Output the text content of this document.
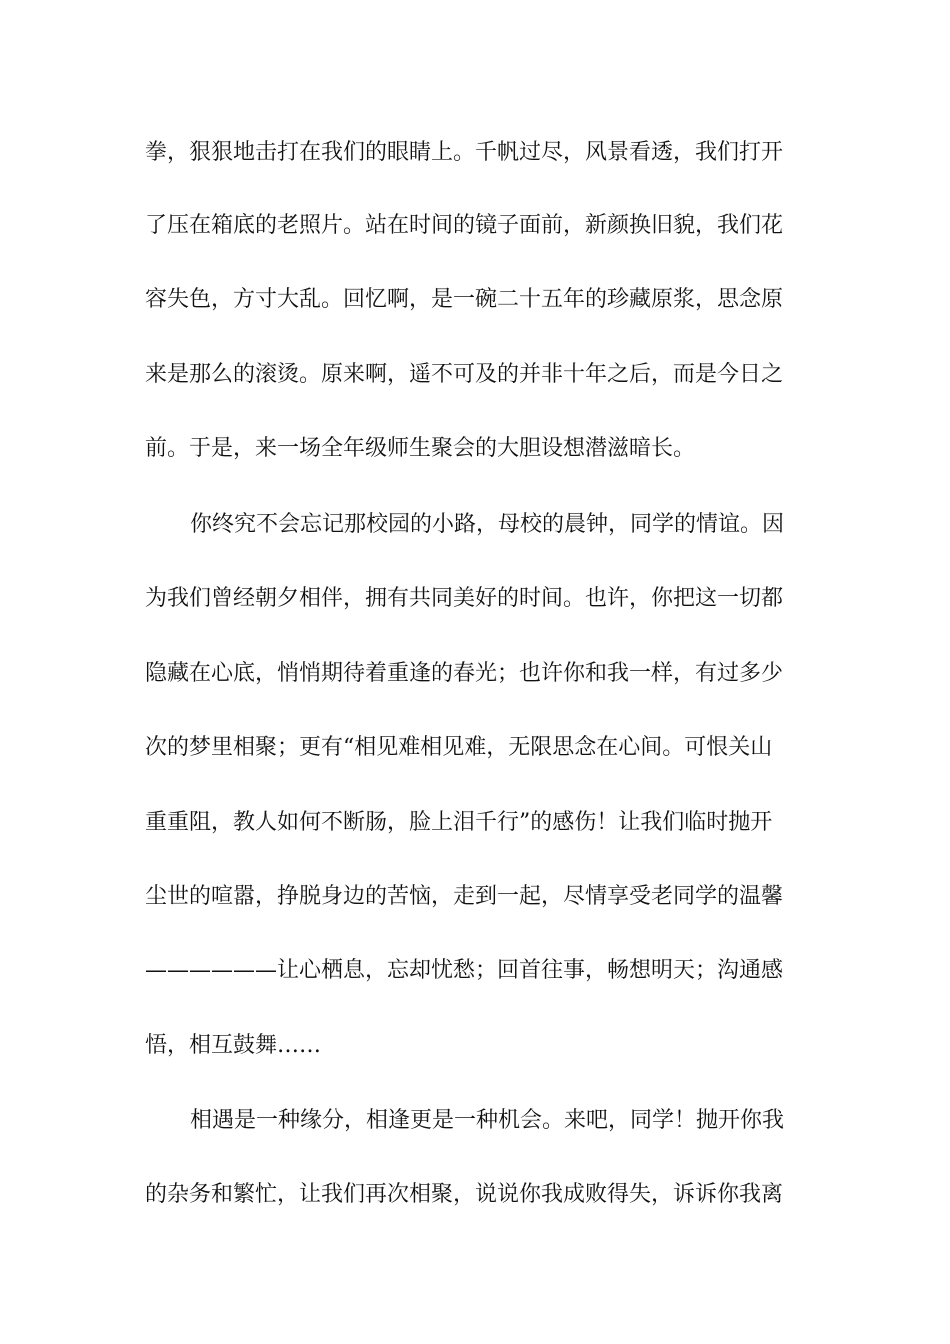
拳，狠狠地击打在我们的眼睛上。千帆过尽，风景看透，我们打开
了压在箱底的老照片。站在时间的镜子面前，新颜换旧貌，我们花
容失色，方寸大乱。回忆啊，是一碗二十五年的珍藏原浆，思念原
来是那么的滚烫。原来啊，遥不可及的并非十年之后，而是今日之
前。于是，来一场全年级师生聚会的大胆设想潜滋暗长。
你终究不会忘记那校园的小路，母校的晨钟，同学的情谊。因
为我们曾经朝夕相伴，拥有共同美好的时间。也许，你把这一切都
隐藏在心底，悄悄期待着重逢的春光；也许你和我一样，有过多少
次的梦里相聚；更有“相见难相见难，无限思念在心间。可恨关山
重重阻，教人如何不断肠，脸上泪千行”的感伤！让我们临时抛开
尘世的喧嚣，挣脱身边的苦恼，走到一起，尽情享受老同学的温馨
——————让心栖息，忘却忧愁；回首往事，畅想明天；沟通感
悟，相互鼓舞……
相遇是一种缘分，相逢更是一种机会。来吧，同学！抛开你我
的杂务和繁忙，让我们再次相聚，说说你我成败得失，诉诉你我离
